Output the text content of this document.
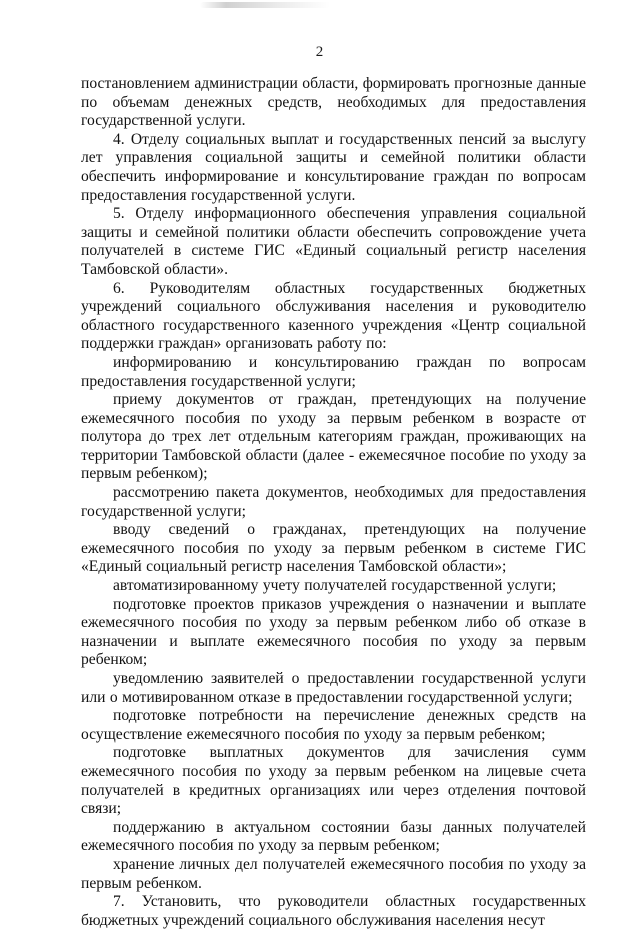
2

постановлением администрации области, формировать прогнозные данные по объемам денежных средств, необходимых для предоставления государственной услуги.

4. Отделу социальных выплат и государственных пенсий за выслугу лет управления социальной защиты и семейной политики области обеспечить информирование и консультирование граждан по вопросам предоставления государственной услуги.

5. Отделу информационного обеспечения управления социальной защиты и семейной политики области обеспечить сопровождение учета получателей в системе ГИС «Единый социальный регистр населения Тамбовской области».

6. Руководителям областных государственных бюджетных учреждений социального обслуживания населения и руководителю областного государственного казенного учреждения «Центр социальной поддержки граждан» организовать работу по:

информированию и консультированию граждан по вопросам предоставления государственной услуги;

приему документов от граждан, претендующих на получение ежемесячного пособия по уходу за первым ребенком в возрасте от полутора до трех лет отдельным категориям граждан, проживающих на территории Тамбовской области (далее - ежемесячное пособие по уходу за первым ребенком);

рассмотрению пакета документов, необходимых для предоставления государственной услуги;

вводу сведений о гражданах, претендующих на получение ежемесячного пособия по уходу за первым ребенком в системе ГИС «Единый социальный регистр населения Тамбовской области»;

автоматизированному учету получателей государственной услуги;

подготовке проектов приказов учреждения о назначении и выплате ежемесячного пособия по уходу за первым ребенком либо об отказе в назначении и выплате ежемесячного пособия по уходу за первым ребенком;

уведомлению заявителей о предоставлении государственной услуги или о мотивированном отказе в предоставлении государственной услуги;

подготовке потребности на перечисление денежных средств на осуществление ежемесячного пособия по уходу за первым ребенком;

подготовке выплатных документов для зачисления сумм ежемесячного пособия по уходу за первым ребенком на лицевые счета получателей в кредитных организациях или через отделения почтовой связи;

поддержанию в актуальном состоянии базы данных получателей ежемесячного пособия по уходу за первым ребенком;

хранение личных дел получателей ежемесячного пособия по уходу за первым ребенком.

7. Установить, что руководители областных государственных бюджетных учреждений социального обслуживания населения несут
